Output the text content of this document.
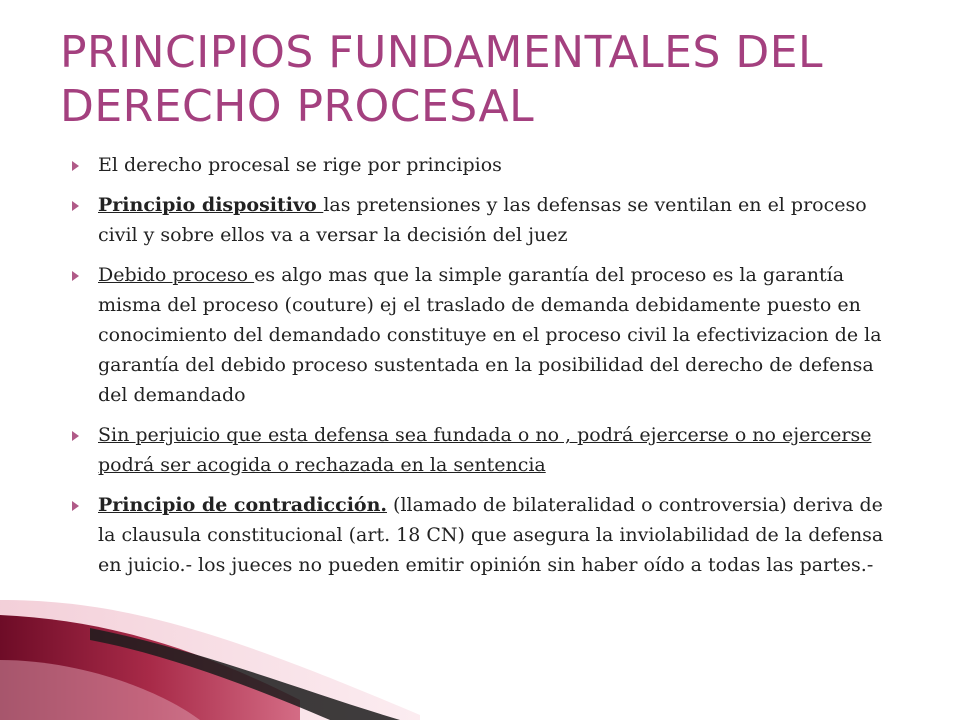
PRINCIPIOS FUNDAMENTALES DEL DERECHO PROCESAL
El derecho procesal se rige por principios
Principio dispositivo las pretensiones y las defensas se ventilan en el proceso civil y sobre ellos va a versar la decisión del juez
Debido proceso es algo mas que la simple garantía del proceso es la garantía misma del proceso (couture) ej el traslado de demanda debidamente puesto en conocimiento del demandado constituye en el proceso civil la efectivizacion de la garantía del debido proceso sustentada en la posibilidad del derecho de defensa del demandado
Sin perjuicio que esta defensa sea fundada o no , podrá ejercerse o no ejercerse podrá ser acogida o rechazada en la sentencia
Principio de contradicción. (llamado de bilateralidad o controversia) deriva de la clausula constitucional (art. 18 CN) que asegura la inviolabilidad de la defensa en juicio.- los jueces no pueden emitir opinión sin haber oído a todas las partes.-
